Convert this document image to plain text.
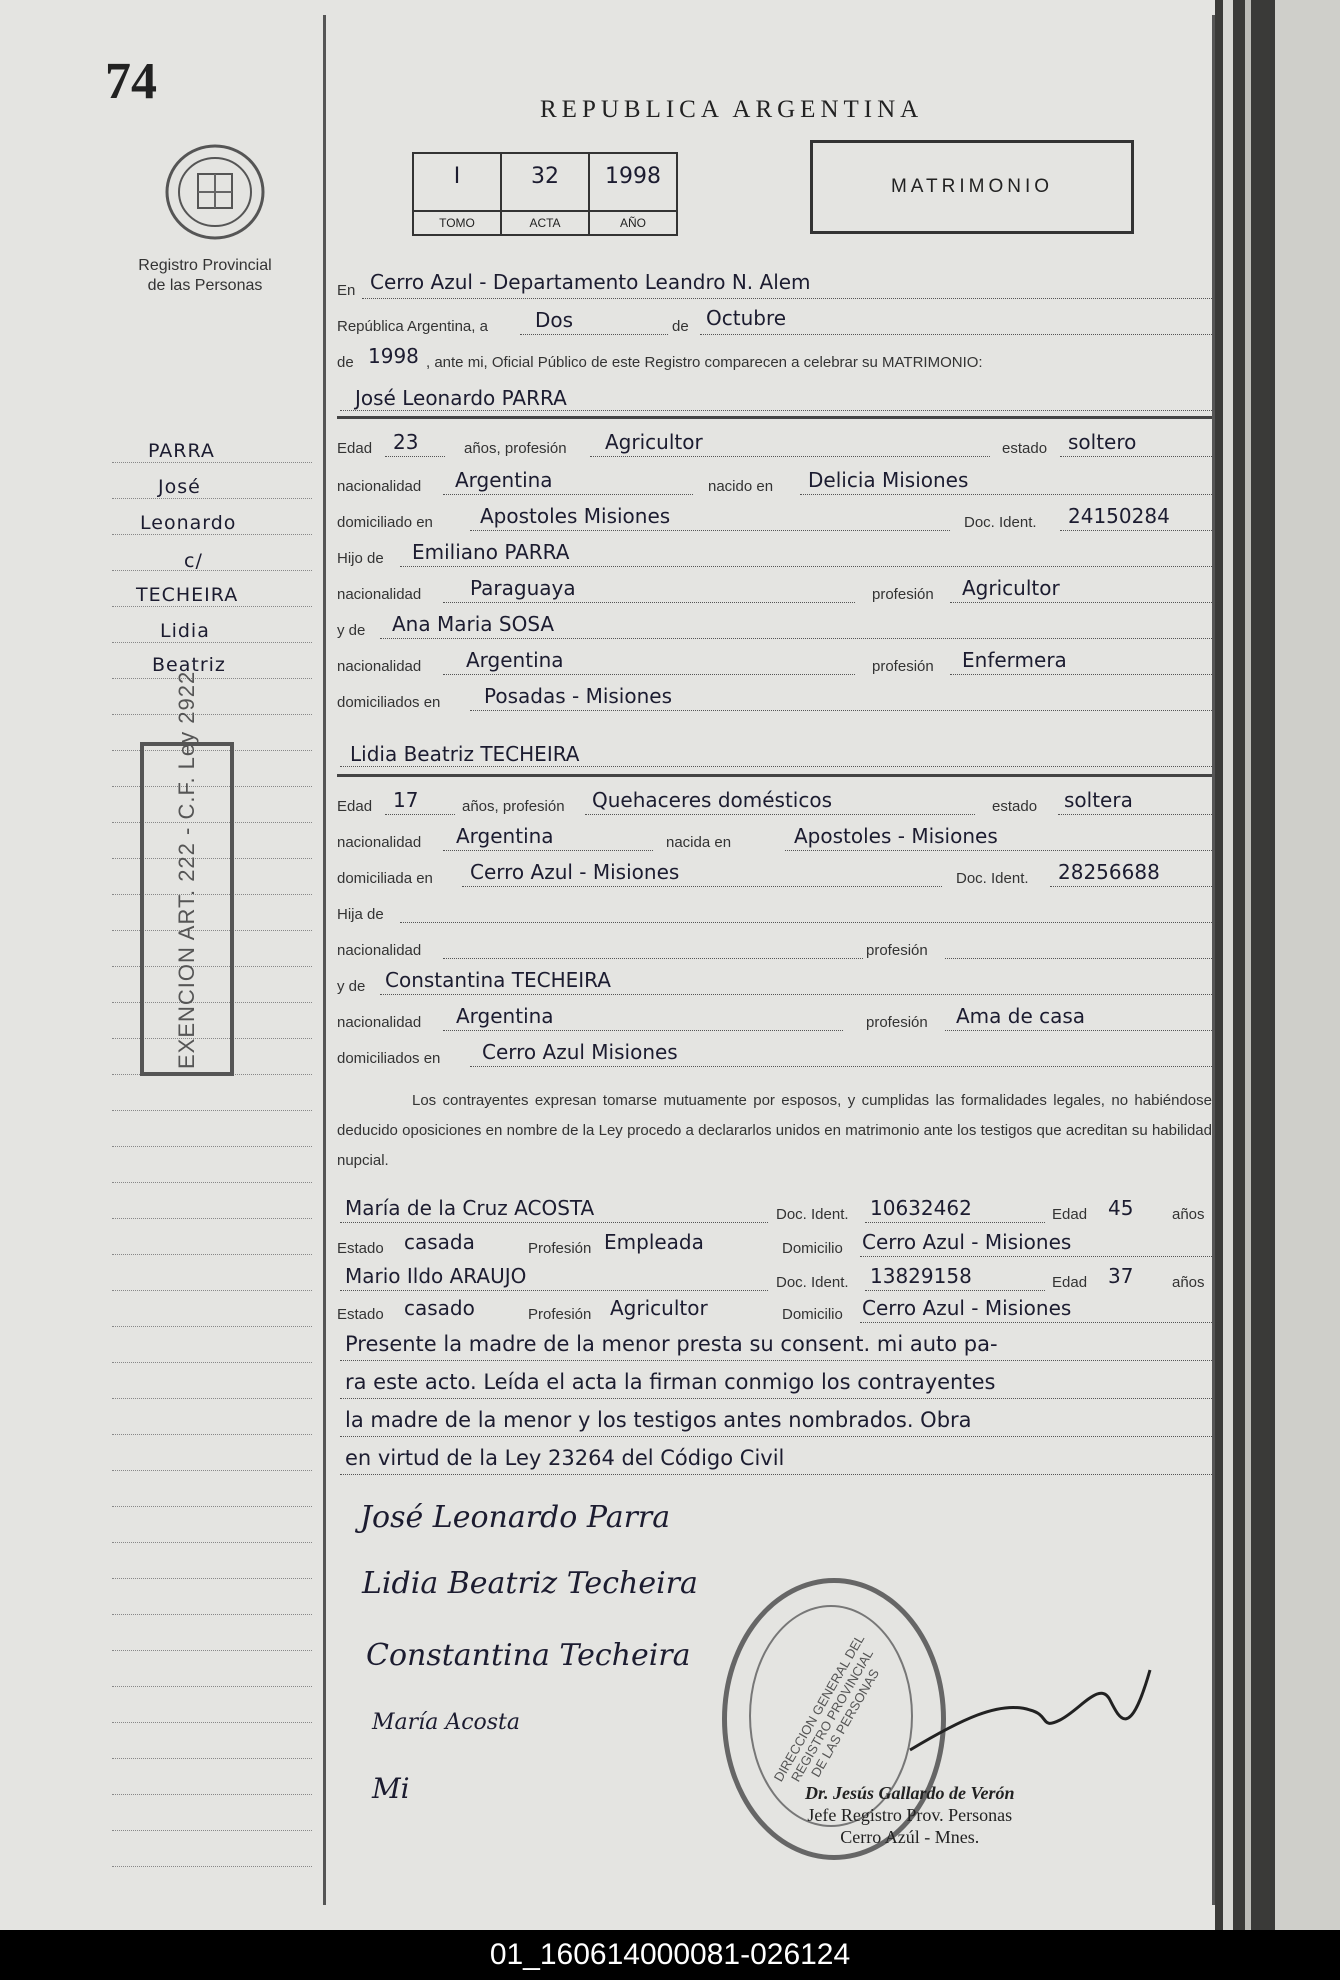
74
Registro Provincial
de las Personas
PARRA
José
Leonardo
c/
TECHEIRA
Lidia
Beatriz
EXENCION ART. 222 - C.F. Ley 2922
REPUBLICA ARGENTINA
I	32	1998
TOMO	ACTA	AÑO
MATRIMONIO
En Cerro Azul - Departamento Leandro N. Alem
República Argentina, a Dos	de Octubre
de 1998 , ante mi, Oficial Público de este Registro comparecen a celebrar su MATRIMONIO:
José Leonardo PARRA
Edad 23	años, profesión Agricultor	estado soltero
nacionalidad Argentina	nacido en Delicia Misiones
domiciliado en Apostoles Misiones	Doc. Ident. 24150284
Hijo de Emiliano PARRA
nacionalidad Paraguaya	profesión Agricultor
y de Ana Maria SOSA
nacionalidad Argentina	profesión Enfermera
domiciliados en Posadas - Misiones
Lidia Beatriz TECHEIRA
Edad 17	años, profesión Quehaceres domésticos	estado soltera
nacionalidad Argentina	nacida en	Apostoles - Misiones
domiciliada en Cerro Azul - Misiones	Doc. Ident. 28256688
Hija de
nacionalidad	profesión
y de Constantina TECHEIRA
nacionalidad Argentina	profesión Ama de casa
domiciliados en Cerro Azul Misiones
Los contrayentes expresan tomarse mutuamente por esposos, y cumplidas las formalidades legales, no habiéndose deducido oposiciones en nombre de la Ley procedo a declararlos unidos en matrimonio ante los testigos que acreditan su habilidad nupcial.
María de la Cruz ACOSTA	Doc. Ident. 10632462	Edad 45	años
Estado casada	Profesión Empleada	Domicilio Cerro Azul - Misiones
Mario Ildo ARAUJO	Doc. Ident. 13829158	Edad 37	años
Estado casado	Profesión Agricultor	Domicilio Cerro Azul - Misiones
Presente la madre de la menor presta su consent. mi auto pa-
ra este acto. Leída el acta la firman conmigo los contrayentes
la madre de la menor y los testigos antes nombrados. Obra
en virtud de la Ley 23264 del Código Civil
José Leonardo Parra
Lidia Beatriz Techeira
Constantina Techeira
María Acosta
Mi
DIRECCION GENERAL DEL REGISTRO PROVINCIAL DE LAS PERSONAS
Dr. Jesús Gallardo de Verón
Jefe Registro Prov. Personas
Cerro Azúl - Mnes.
01_160614000081-026124
